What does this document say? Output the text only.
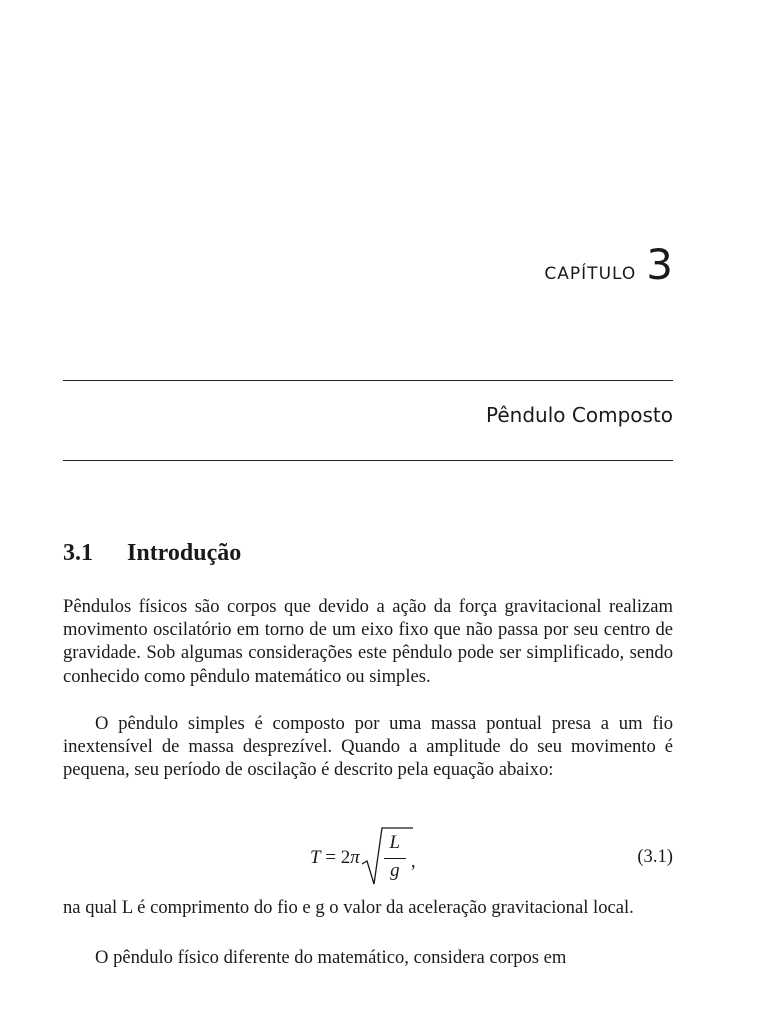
capítulo 3
Pêndulo Composto
3.1 Introdução

Pêndulos físicos são corpos que devido a ação da força gravitacional realizam movimento oscilatório em torno de um eixo fixo que não passa por seu centro de gravidade. Sob algumas considerações este pêndulo pode ser simplificado, sendo conhecido como pêndulo matemático ou simples.

O pêndulo simples é composto por uma massa pontual presa a um fio inextensível de massa desprezível. Quando a amplitude do seu movimento é pequena, seu período de oscilação é descrito pela equação abaixo:

T = 2 π $\frac{L}{g}$
,	(3.1)

na qual L é comprimento do fio e g o valor da aceleração gravitacional local.

O pêndulo físico diferente do matemático, considera corpos em
